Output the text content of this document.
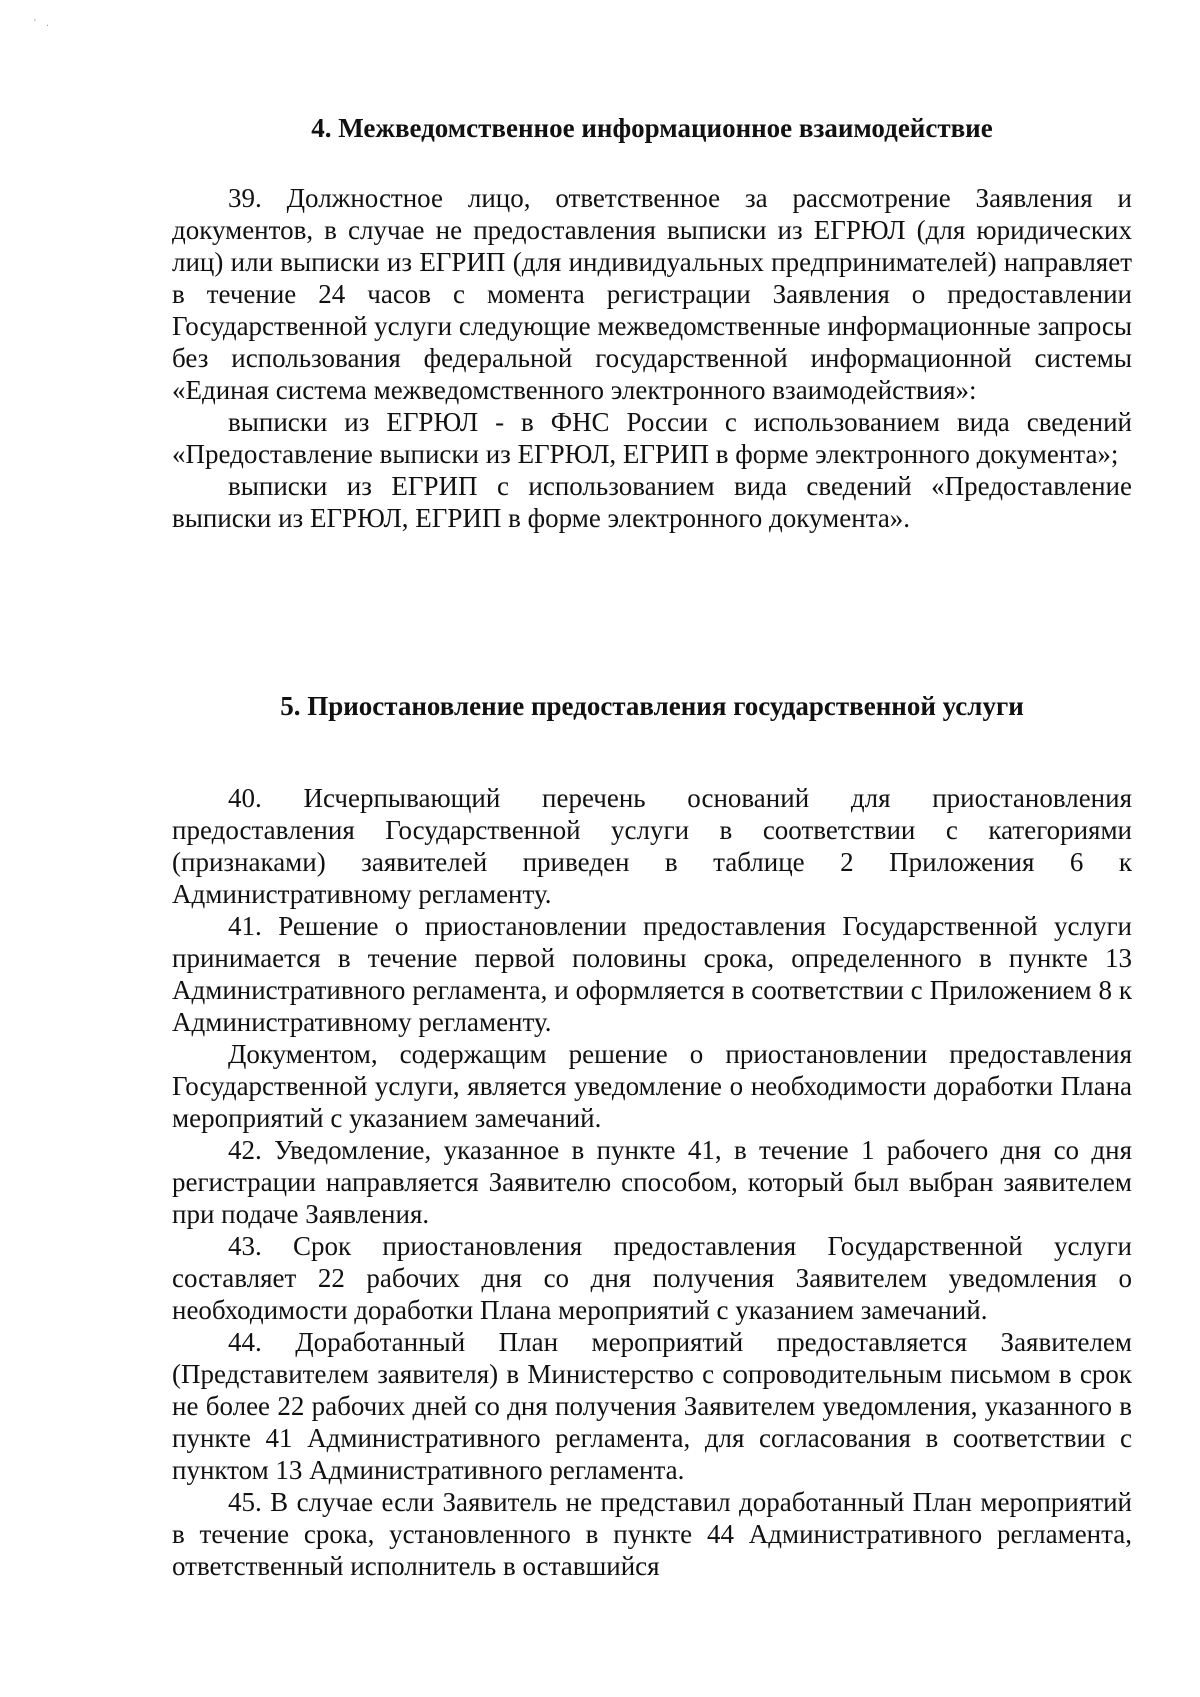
' .
4. Межведомственное информационное взаимодействие

39. Должностное лицо, ответственное за рассмотрение Заявления и документов, в случае не предоставления выписки из ЕГРЮЛ (для юридических лиц) или выписки из ЕГРИП (для индивидуальных предпринимателей) направляет в течение 24 часов с момента регистрации Заявления о предоставлении Государственной услуги следующие межведомственные информационные запросы без использования федеральной государственной информационной системы «Единая система межведомственного электронного взаимодействия»:

выписки из ЕГРЮЛ - в ФНС России с использованием вида сведений «Предоставление выписки из ЕГРЮЛ, ЕГРИП в форме электронного документа»;

выписки из ЕГРИП с использованием вида сведений «Предоставление выписки из ЕГРЮЛ, ЕГРИП в форме электронного документа».

5. Приостановление предоставления государственной услуги

40. Исчерпывающий перечень оснований для приостановления предоставления Государственной услуги в соответствии с категориями (признаками) заявителей приведен в таблице 2 Приложения 6 к Административному регламенту.

41. Решение о приостановлении предоставления Государственной услуги принимается в течение первой половины срока, определенного в пункте 13 Административного регламента, и оформляется в соответствии с Приложением 8 к Административному регламенту.

Документом, содержащим решение о приостановлении предоставления Государственной услуги, является уведомление о необходимости доработки Плана мероприятий с указанием замечаний.

42. Уведомление, указанное в пункте 41, в течение 1 рабочего дня со дня регистрации направляется Заявителю способом, который был выбран заявителем при подаче Заявления.

43. Срок приостановления предоставления Государственной услуги составляет 22 рабочих дня со дня получения Заявителем уведомления о необходимости доработки Плана мероприятий с указанием замечаний.

44. Доработанный План мероприятий предоставляется Заявителем (Представителем заявителя) в Министерство с сопроводительным письмом в срок не более 22 рабочих дней со дня получения Заявителем уведомления, указанного в пункте 41 Административного регламента, для согласования в соответствии с пунктом 13 Административного регламента.

45. В случае если Заявитель не представил доработанный План мероприятий в течение срока, установленного в пункте 44 Административного регламента, ответственный исполнитель в оставшийся
